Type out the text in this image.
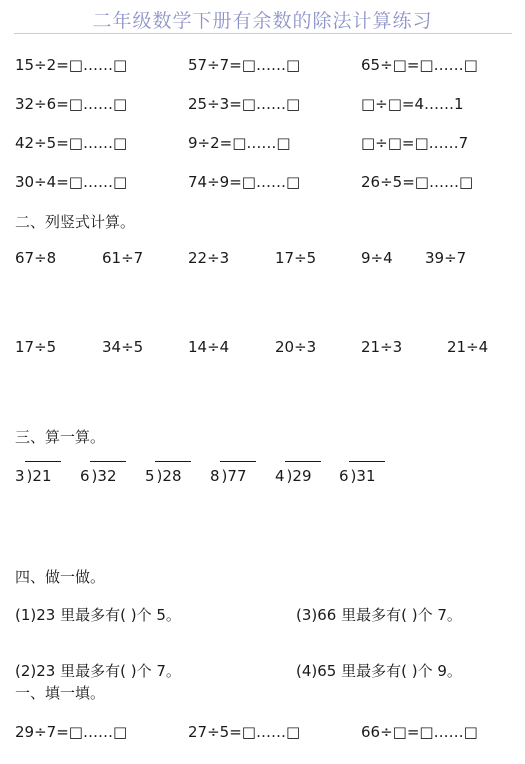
二年级数学下册有余数的除法计算练习
15÷2=□……□	57÷7=□……□	65÷□=□……□
32÷6=□……□	25÷3=□……□	□÷□=4……1
42÷5=□……□	9÷2=□……□	□÷□=□……7
30÷4=□……□	74÷9=□……□	26÷5=□……□
二、列竖式计算。
67÷8	61÷7	22÷3	17÷5	9÷4 39÷7
17÷5	34÷5	14÷4	20÷3	21÷3	21÷4
三、算一算。
3 )
21 6 )
32 5 )
28 8 )
77 4 )
29 6 )
31
四、做一做。
(1)23 里最多有( )个 5。	(3)66 里最多有( )个 7。
(2)23 里最多有( )个 7。	(4)65 里最多有( )个 9。
一、填一填。
29÷7=□……□	27÷5=□……□	66÷□=□……□
